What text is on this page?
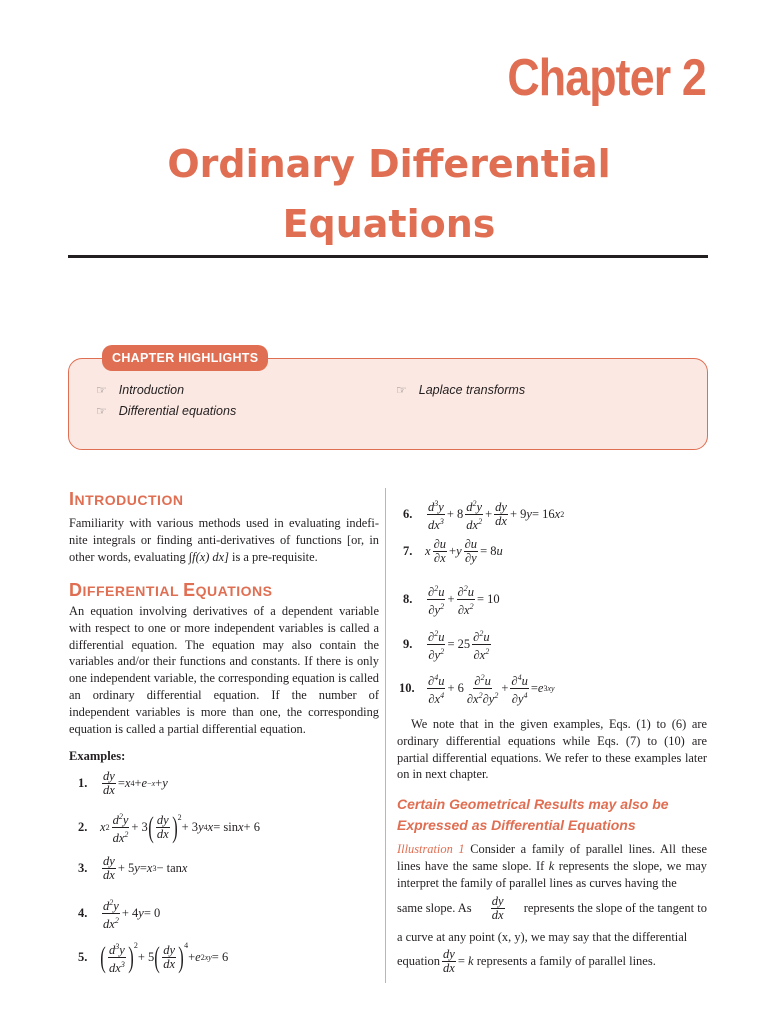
Chapter 2
Ordinary Differential
Equations
CHAPTER HIGHLIGHTS
☞ Introduction
☞ Differential equations
☞ Laplace transforms
INTRODUCTION
Familiarity with various methods used in evaluating indefi-nite integrals or finding anti-derivatives of functions [or, in other words, evaluating ∫f(x) dx] is a pre-requisite.
DIFFERENTIAL EQUATIONS
An equation involving derivatives of a dependent variable with respect to one or more independent variables is called a differential equation. The equation may also contain the variables and/or their functions and constants. If there is only one independent variable, the corresponding equation is called an ordinary differential equation. If the number of independent variables is more than one, the corresponding equation is called a partial differential equation.
Examples:
1.	$\frac{dy}{dx} = x$ 4 + e −x + y
2.	x $2 \frac{d^2y}{dx^2} + 3$ ( $\frac{dy}{dx} )^2$
+ 3 y 4 x = sin x + 6
3.	$\frac{dy}{dx} + 5$ y = x 3 − tan x
4.	$\frac{d^2y}{dx^2} + 4$ y = 0
5. ( $\frac{d^3y}{dx^3} )^2$
+ 5 ( $\frac{dy}{dx} )^4$
+ e 2xy = 6
6.	$\frac{d^3y}{dx^3} + 8 \frac{d^2y}{dx^2} + \frac{dy}{dx} + 9$ y = 16 x 2
7.	x $\frac{\partial u}{\partial x} + y \frac{\partial u}{\partial y} = 8$ u
8.	$\frac{\partial^2u}{\partial y^2} + \frac{\partial^2u}{\partial x^2} = 10$
9.	$\frac{\partial^2u}{\partial y^2} = 25 \frac{\partial^2u}{\partial x^2}$
10. $\frac{\partial^4u}{\partial x^4} + 6 \frac{\partial^2u}{\partial x^2\partial y^2} + \frac{\partial^4u}{\partial y^4} = e$ 3xy
We note that in the given examples, Eqs. (1) to (6) are ordinary differential equations while Eqs. (7) to (10) are partial differential equations. We refer to these examples later on in next chapter.
Certain Geometrical Results may also be Expressed as Differential Equations
Illustration 1 Consider a family of parallel lines. All these lines have the same slope. If k represents the slope, we may interpret the family of parallel lines as curves having the
same slope. As $\frac{dy}{dx}$ represents the slope of the tangent to
a curve at any point (x, y), we may say that the differential
equation $\frac{dy}{dx} = k$ represents a family of parallel lines.
